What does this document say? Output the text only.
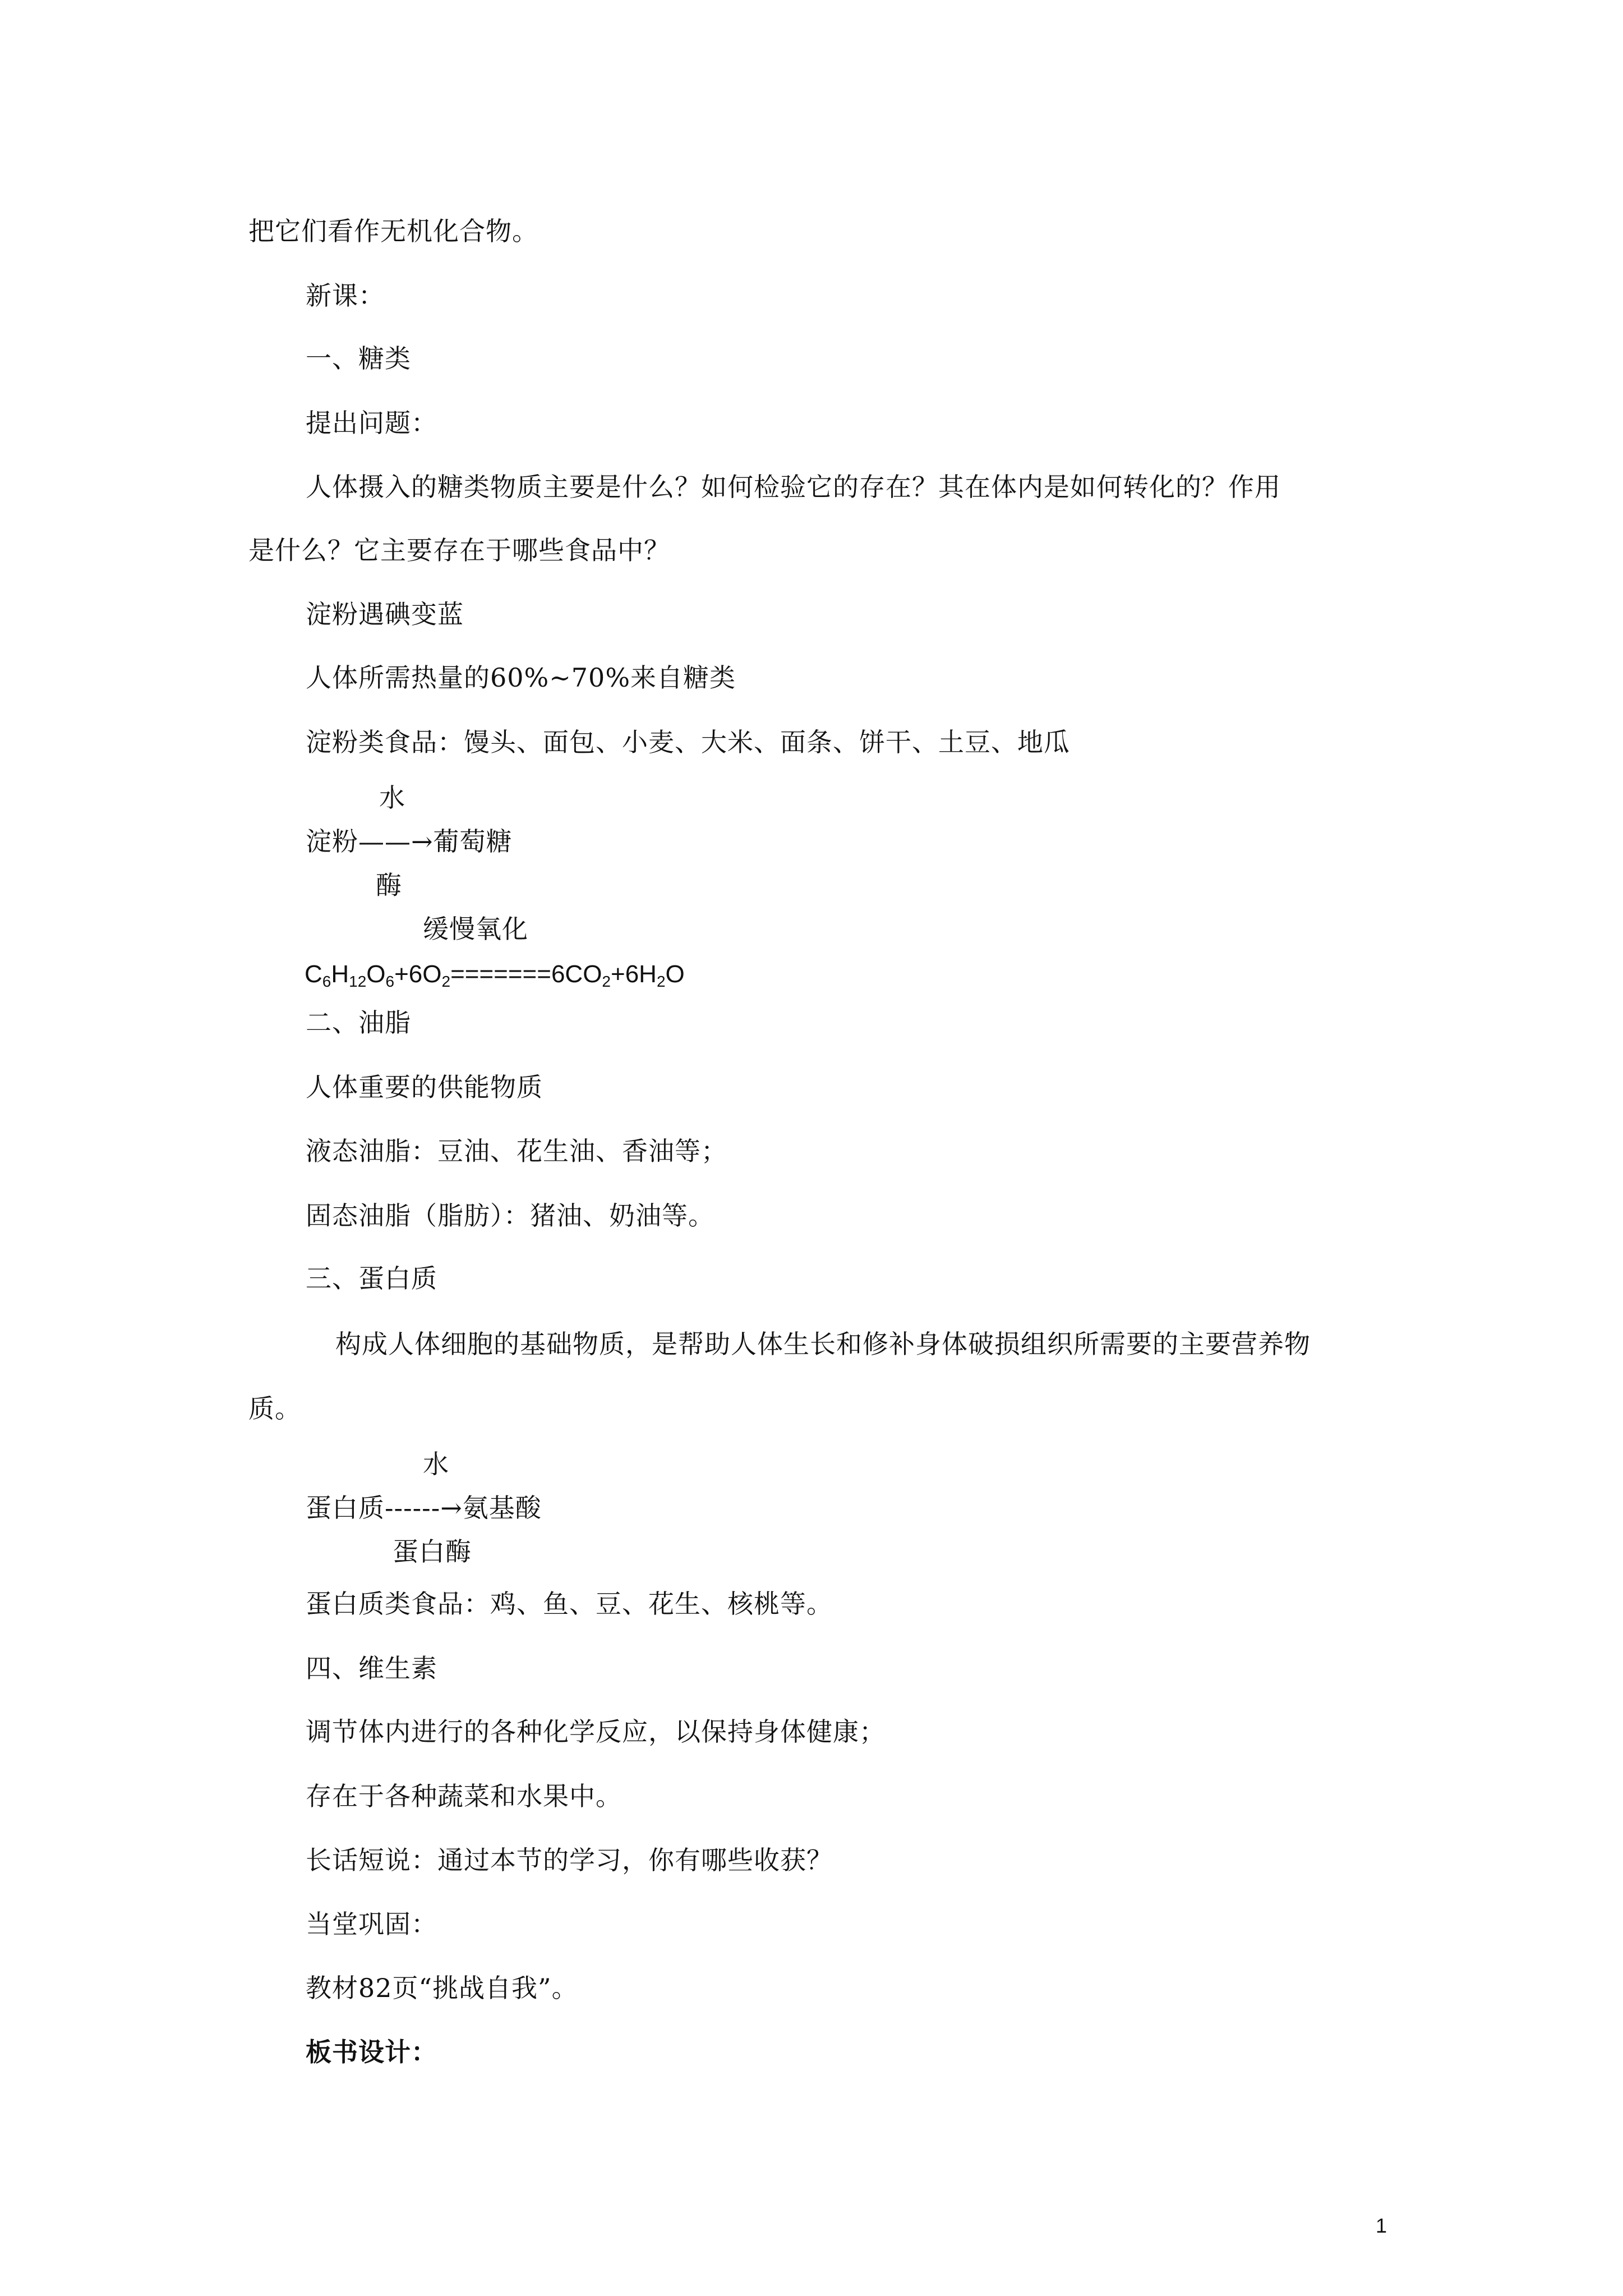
把它们看作无机化合物。
新课：
一、糖类
提出问题：
人体摄入的糖类物质主要是什么？如何检验它的存在？其在体内是如何转化的？作用
是什么？它主要存在于哪些食品中？
淀粉遇碘变蓝
人体所需热量的60%~70%来自糖类
淀粉类食品：馒头、面包、小麦、大米、面条、饼干、土豆、地瓜
水
淀粉——→葡萄糖
酶
缓慢氧化
$C_6H_{12}O_6+6O_2=======6CO_2+6H_2O$
二、油脂
人体重要的供能物质
液态油脂：豆油、花生油、香油等；
固态油脂（脂肪）：猪油、奶油等。
三、蛋白质
构成人体细胞的基础物质，是帮助人体生长和修补身体破损组织所需要的主要营养物
质。
水
蛋白质------→氨基酸
蛋白酶
蛋白质类食品：鸡、鱼、豆、花生、核桃等。
四、维生素
调节体内进行的各种化学反应，以保持身体健康；
存在于各种蔬菜和水果中。
长话短说：通过本节的学习，你有哪些收获？
当堂巩固：
教材82页“挑战自我”。
板书设计：
1
